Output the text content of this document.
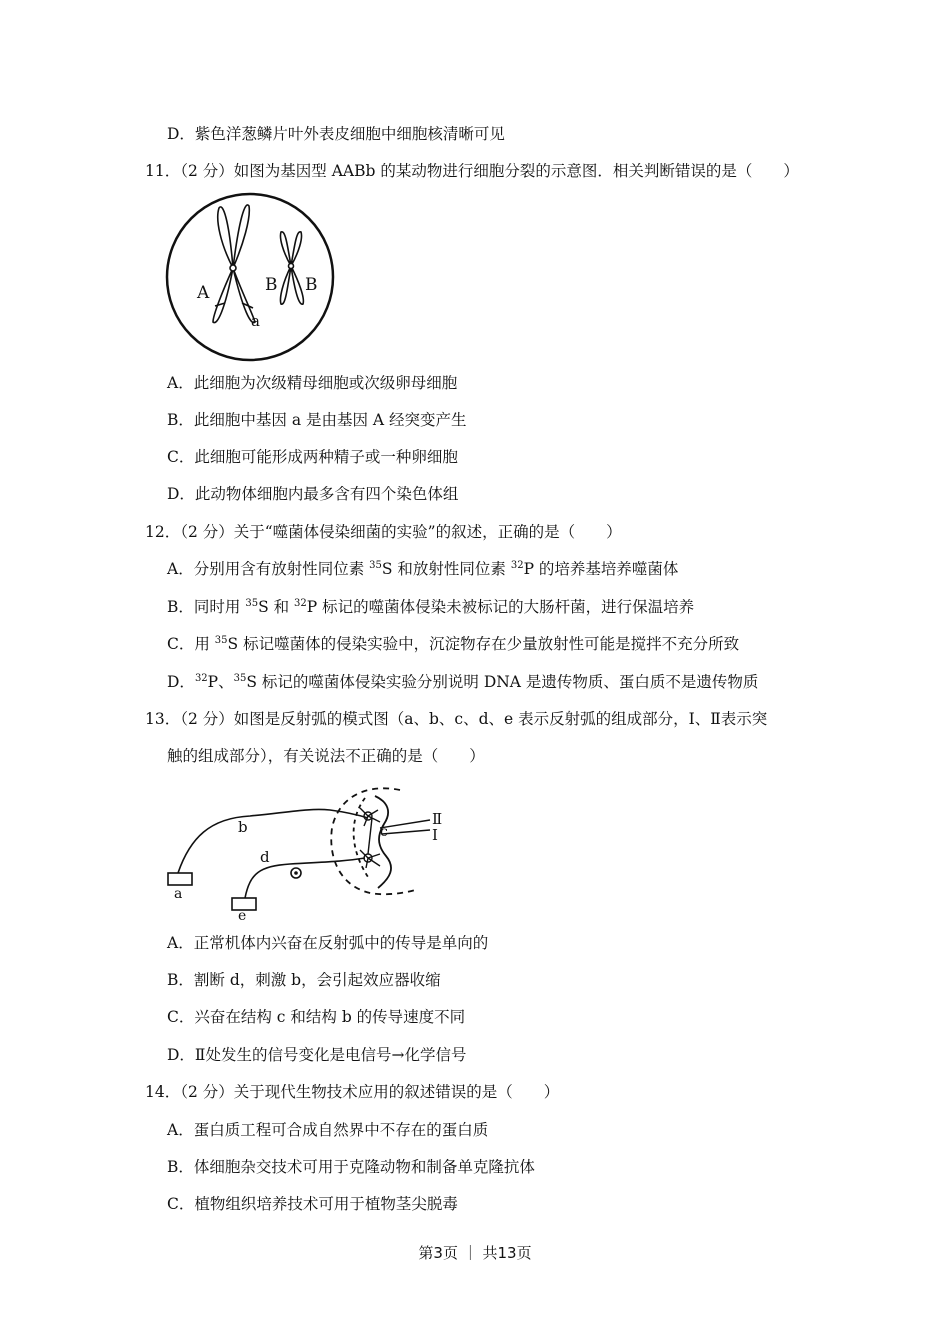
D．紫色洋葱鳞片叶外表皮细胞中细胞核清晰可见
11．（2 分）如图为基因型 AABb 的某动物进行细胞分裂的示意图．相关判断错误的是（　　）
A
a
B B
A．此细胞为次级精母细胞或次级卵母细胞
B．此细胞中基因 a 是由基因 A 经突变产生
C．此细胞可能形成两种精子或一种卵细胞
D．此动物体细胞内最多含有四个染色体组
12．（2 分）关于“噬菌体侵染细菌的实验”的叙述，正确的是（　　）
A．分别用含有放射性同位素 $^{35}$S 和放射性同位素 $^{32}$P 的培养基培养噬菌体
B．同时用 $^{35}$S 和 $^{32}$P 标记的噬菌体侵染未被标记的大肠杆菌，进行保温培养
C．用 $^{35}$S 标记噬菌体的侵染实验中，沉淀物存在少量放射性可能是搅拌不充分所致
D．$^{32}$P、$^{35}$S 标记的噬菌体侵染实验分别说明 DNA 是遗传物质、蛋白质不是遗传物质
13．（2 分）如图是反射弧的模式图（a、b、c、d、e 表示反射弧的组成部分，Ⅰ、Ⅱ表示突
触的组成部分），有关说法不正确的是（　　）
b
d
c
a
e
Ⅱ
Ⅰ
A．正常机体内兴奋在反射弧中的传导是单向的
B．割断 d，刺激 b，会引起效应器收缩
C．兴奋在结构 c 和结构 b 的传导速度不同
D．Ⅱ处发生的信号变化是电信号→化学信号
14．（2 分）关于现代生物技术应用的叙述错误的是（　　）
A．蛋白质工程可合成自然界中不存在的蛋白质
B．体细胞杂交技术可用于克隆动物和制备单克隆抗体
C．植物组织培养技术可用于植物茎尖脱毒
第3页 ｜ 共13页
